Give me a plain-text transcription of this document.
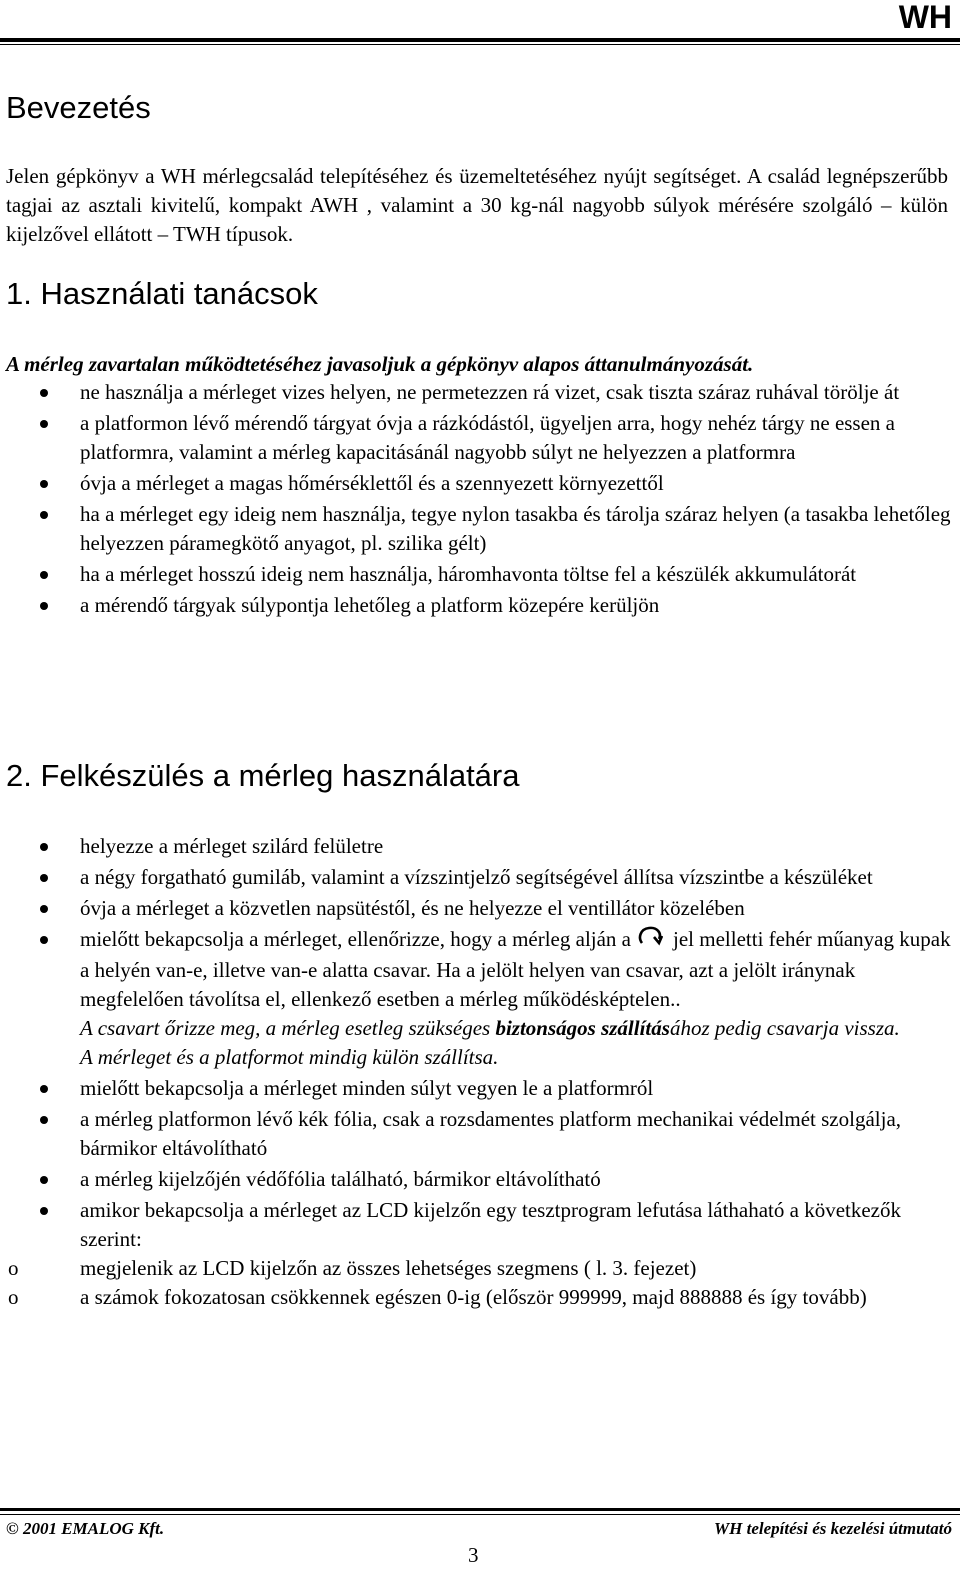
WH
Bevezetés

Jelen gépkönyv a WH mérlegcsalád telepítéséhez és üzemeltetéséhez nyújt segítséget. A család legnépszerűbb tagjai az asztali kivitelű, kompakt AWH , valamint a 30 kg-nál nagyobb súlyok mérésére szolgáló – külön kijelzővel ellátott – TWH típusok.

1. Használati tanácsok

A mérleg zavartalan működtetéséhez javasoljuk a gépkönyv alapos áttanulmányozását.

ne használja a mérleget vizes helyen, ne permetezzen rá vizet, csak tiszta száraz ruhával törölje át
a platformon lévő mérendő tárgyat óvja a rázkódástól, ügyeljen arra, hogy nehéz tárgy ne essen a platformra, valamint a mérleg kapacitásánál nagyobb súlyt ne helyezzen a platformra
óvja a mérleget a magas hőmérséklettől és a szennyezett környezettől
ha a mérleget egy ideig nem használja, tegye nylon tasakba és tárolja száraz helyen (a tasakba lehetőleg helyezzen páramegkötő anyagot, pl. szilika gélt)
ha a mérleget hosszú ideig nem használja, háromhavonta töltse fel a készülék akkumulátorát
a mérendő tárgyak súlypontja lehetőleg a platform közepére kerüljön
2. Felkészülés a mérleg használatára
helyezze a mérleget szilárd felületre
a négy forgatható gumiláb, valamint a vízszintjelző segítségével állítsa vízszintbe a készüléket
óvja a mérleget a közvetlen napsütéstől, és ne helyezze el ventillátor közelében
mielőtt bekapcsolja a mérleget, ellenőrizze, hogy a mérleg alján a jel melletti fehér műanyag kupak a helyén van-e, illetve van-e alatta csavar. Ha a jelölt helyen van csavar, azt a jelölt iránynak megfelelően távolítsa el, ellenkező esetben a mérleg működésképtelen..
A csavart őrizze meg, a mérleg esetleg szükséges biztonságos szállításához pedig csavarja vissza.
A mérleget és a platformot mindig külön szállítsa.
mielőtt bekapcsolja a mérleget minden súlyt vegyen le a platformról
a mérleg platformon lévő kék fólia, csak a rozsdamentes platform mechanikai védelmét szolgálja, bármikor eltávolítható
a mérleg kijelzőjén védőfólia található, bármikor eltávolítható
amikor bekapcsolja a mérleget az LCD kijelzőn egy tesztprogram lefutása láthaható a következők szerint:
o	megjelenik az LCD kijelzőn az összes lehetséges szegmens ( l. 3. fejezet)
o	a számok fokozatosan csökkennek egészen 0-ig (először 999999, majd 888888 és így tovább)
© 2001 EMALOG Kft.	WH telepítési és kezelési útmutató
3
